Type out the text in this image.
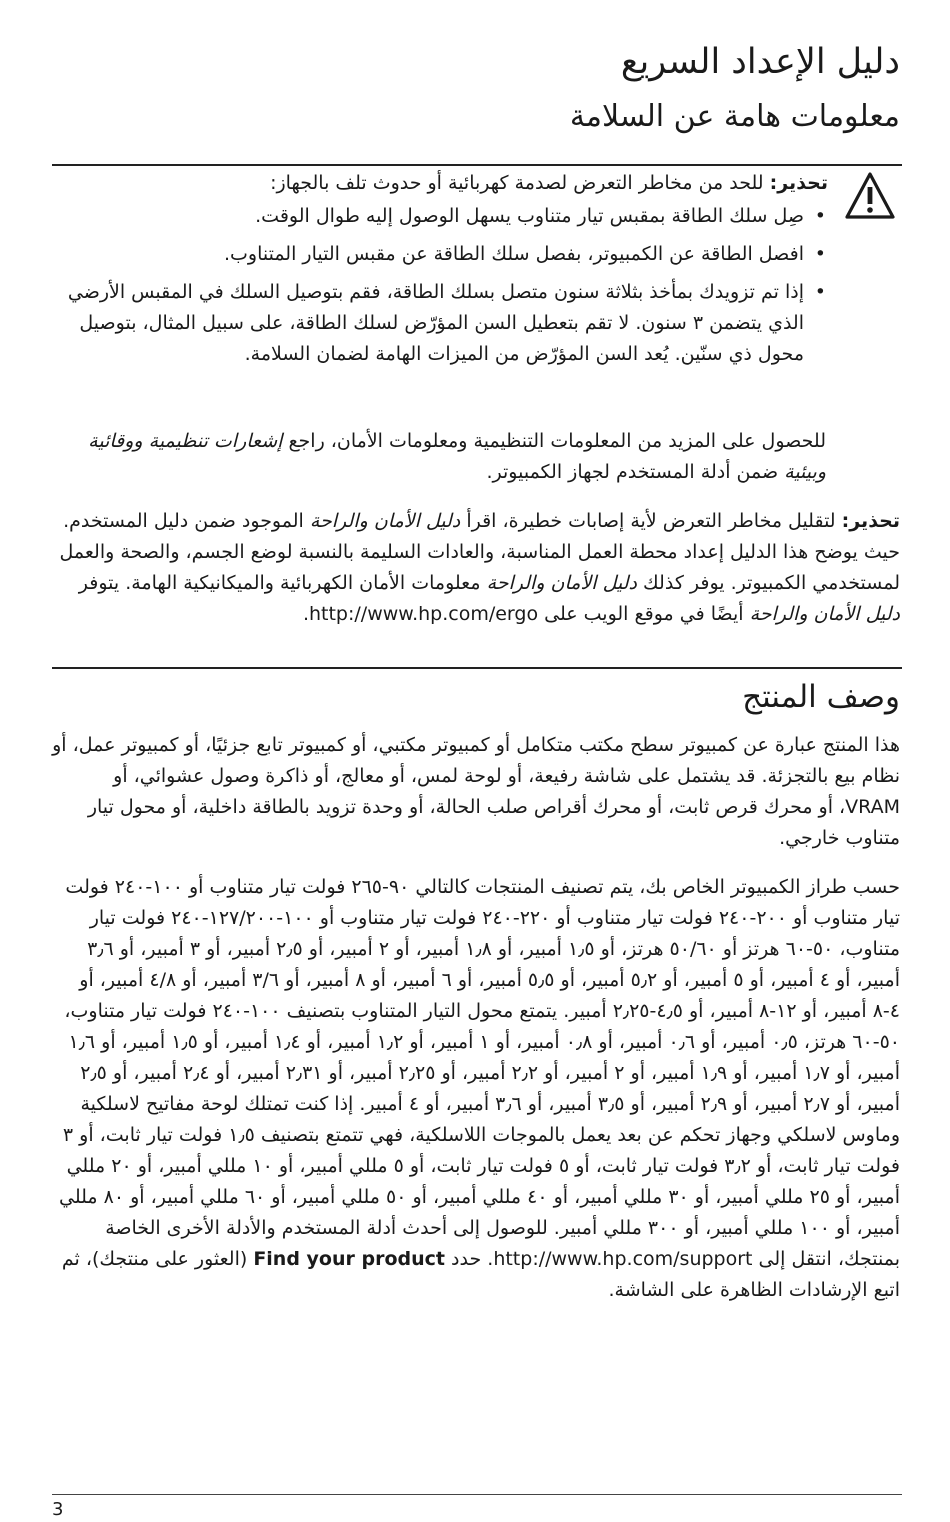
دليل الإعداد السريع
معلومات هامة عن السلامة

تحذير: للحد من مخاطر التعرض لصدمة كهربائية أو حدوث تلف بالجهاز:

• صِل سلك الطاقة بمقبس تيار متناوب يسهل الوصول إليه طوال الوقت.
• افصل الطاقة عن الكمبيوتر، بفصل سلك الطاقة عن مقبس التيار المتناوب.
• إذا تم تزويدك بمأخذ بثلاثة سنون متصل بسلك الطاقة، فقم بتوصيل السلك في المقبس الأرضي الذي يتضمن ٣ سنون. لا تقم بتعطيل السن المؤرّض لسلك الطاقة، على سبيل المثال، بتوصيل محول ذي سنّين. يُعد السن المؤرّض من الميزات الهامة لضمان السلامة.

للحصول على المزيد من المعلومات التنظيمية ومعلومات الأمان، راجع إشعارات تنظيمية ووقائية وبيئية ضمن أدلة المستخدم لجهاز الكمبيوتر.

تحذير: لتقليل مخاطر التعرض لأية إصابات خطيرة، اقرأ دليل الأمان والراحة الموجود ضمن دليل المستخدم. حيث يوضح هذا الدليل إعداد محطة العمل المناسبة، والعادات السليمة بالنسبة لوضع الجسم، والصحة والعمل لمستخدمي الكمبيوتر. يوفر كذلك دليل الأمان والراحة معلومات الأمان الكهربائية والميكانيكية الهامة. يتوفر دليل الأمان والراحة أيضًا في موقع الويب على http://www.hp.com/ergo.

وصف المنتج
هذا المنتج عبارة عن كمبيوتر سطح مكتب متكامل أو كمبيوتر مكتبي، أو كمبيوتر تابع جزئيًا، أو كمبيوتر عمل، أو نظام بيع بالتجزئة. قد يشتمل على شاشة رفيعة، أو لوحة لمس، أو معالج، أو ذاكرة وصول عشوائي، أو VRAM، أو محرك قرص ثابت، أو محرك أقراص صلب الحالة، أو وحدة تزويد بالطاقة داخلية، أو محول تيار متناوب خارجي.

حسب طراز الكمبيوتر الخاص بك، يتم تصنيف المنتجات كالتالي ٩٠-٢٦٥ فولت تيار متناوب أو ١٠٠-٢٤٠ فولت تيار متناوب أو ٢٠٠-٢٤٠ فولت تيار متناوب أو ٢٢٠-٢٤٠ فولت تيار متناوب أو ١٠٠-١٢٧/٢٠٠-٢٤٠ فولت تيار متناوب، ٥٠-٦٠ هرتز أو ٥٠/٦٠ هرتز، أو ١٫٥ أمبير، أو ١٫٨ أمبير، أو ٢ أمبير، أو ٢٫٥ أمبير، أو ٣ أمبير، أو ٣٫٦ أمبير، أو ٤ أمبير، أو ٥ أمبير، أو ٥٫٢ أمبير، أو ٥٫٥ أمبير، أو ٦ أمبير، أو ٨ أمبير، أو ٣/٦ أمبير، أو ٤/٨ أمبير، أو ٤-٨ أمبير، أو ١٢-٨ أمبير، أو ٤٫٥-٢٫٢٥ أمبير. يتمتع محول التيار المتناوب بتصنيف ١٠٠-٢٤٠ فولت تيار متناوب، ٥٠-٦٠ هرتز، ٠٫٥ أمبير، أو ٠٫٦ أمبير، أو ٠٫٨ أمبير، أو ١ أمبير، أو ١٫٢ أمبير، أو ١٫٤ أمبير، أو ١٫٥ أمبير، أو ١٫٦ أمبير، أو ١٫٧ أمبير، أو ١٫٩ أمبير، أو ٢ أمبير، أو ٢٫٢ أمبير، أو ٢٫٢٥ أمبير، أو ٢٫٣١ أمبير، أو ٢٫٤ أمبير، أو ٢٫٥ أمبير، أو ٢٫٧ أمبير، أو ٢٫٩ أمبير، أو ٣٫٥ أمبير، أو ٣٫٦ أمبير، أو ٤ أمبير. إذا كنت تمتلك لوحة مفاتيح لاسلكية وماوس لاسلكي وجهاز تحكم عن بعد يعمل بالموجات اللاسلكية، فهي تتمتع بتصنيف ١٫٥ فولت تيار ثابت، أو ٣ فولت تيار ثابت، أو ٣٫٢ فولت تيار ثابت، أو ٥ فولت تيار ثابت، أو ٥ مللي أمبير، أو ١٠ مللي أمبير، أو ٢٠ مللي أمبير، أو ٢٥ مللي أمبير، أو ٣٠ مللي أمبير، أو ٤٠ مللي أمبير، أو ٥٠ مللي أمبير، أو ٦٠ مللي أمبير، أو ٨٠ مللي أمبير، أو ١٠٠ مللي أمبير، أو ٣٠٠ مللي أمبير. للوصول إلى أحدث أدلة المستخدم والأدلة الأخرى الخاصة بمنتجك، انتقل إلى http://www.hp.com/support. حدد Find your product (العثور على منتجك)، ثم اتبع الإرشادات الظاهرة على الشاشة.

3
